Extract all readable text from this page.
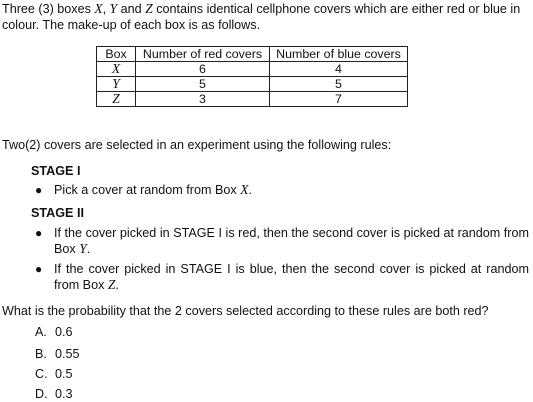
Three (3) boxes X, Y and Z contains identical cellphone covers which are either red or blue in colour. The make-up of each box is as follows.
Box	Number of red covers	Number of blue covers
X	6	4
Y	5	5
Z	3	7
Two(2) covers are selected in an experiment using the following rules:
STAGE I
● Pick a cover at random from Box X.
STAGE II
● If the cover picked in STAGE I is red, then the second cover is picked at random from Box Y.
● If the cover picked in STAGE I is blue, then the second cover is picked at random from Box Z.
What is the probability that the 2 covers selected according to these rules are both red?
A. 0.6
B. 0.55
C. 0.5
D. 0.3
